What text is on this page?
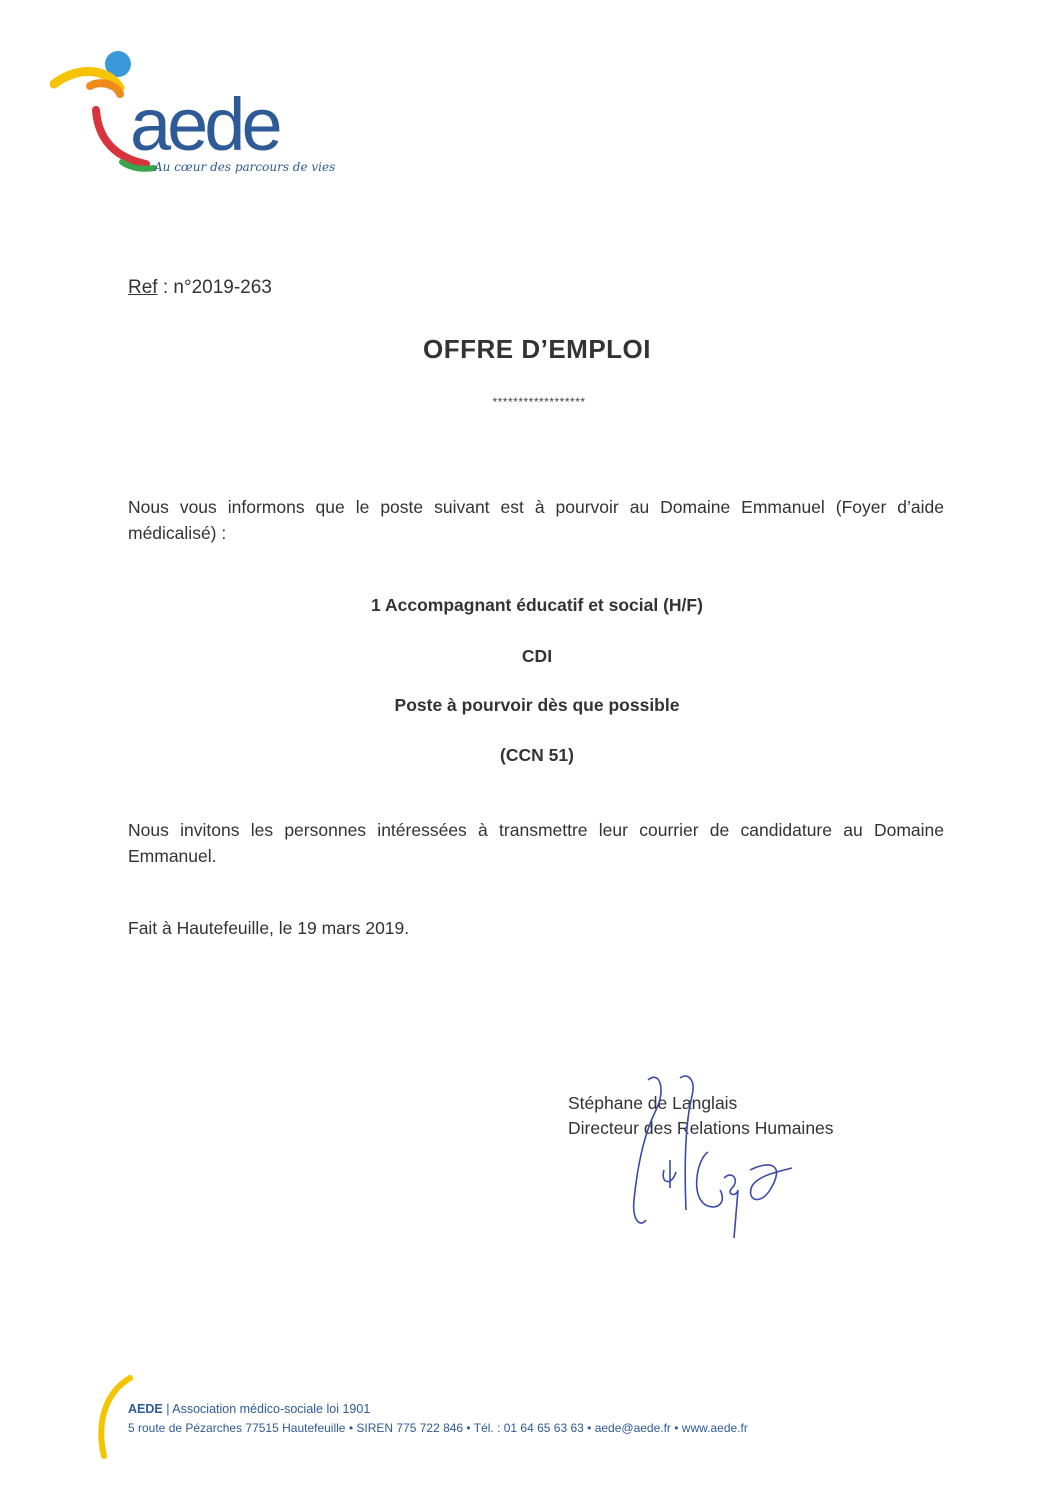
aede
Au cœur des parcours de vies
Ref : n°2019-263
OFFRE D’EMPLOI
******************
Nous vous informons que le poste suivant est à pourvoir au Domaine Emmanuel (Foyer d’aide médicalisé) :
1 Accompagnant éducatif et social (H/F)
CDI
Poste à pourvoir dès que possible
(CCN 51)
Nous invitons les personnes intéressées à transmettre leur courrier de candidature au Domaine Emmanuel.
Fait à Hautefeuille, le 19 mars 2019.
Stéphane de Langlais
Directeur des Relations Humaines
AEDE | Association médico-sociale loi 1901
5 route de Pézarches 77515 Hautefeuille • SIREN 775 722 846 • Tél. : 01 64 65 63 63 • aede@aede.fr • www.aede.fr
